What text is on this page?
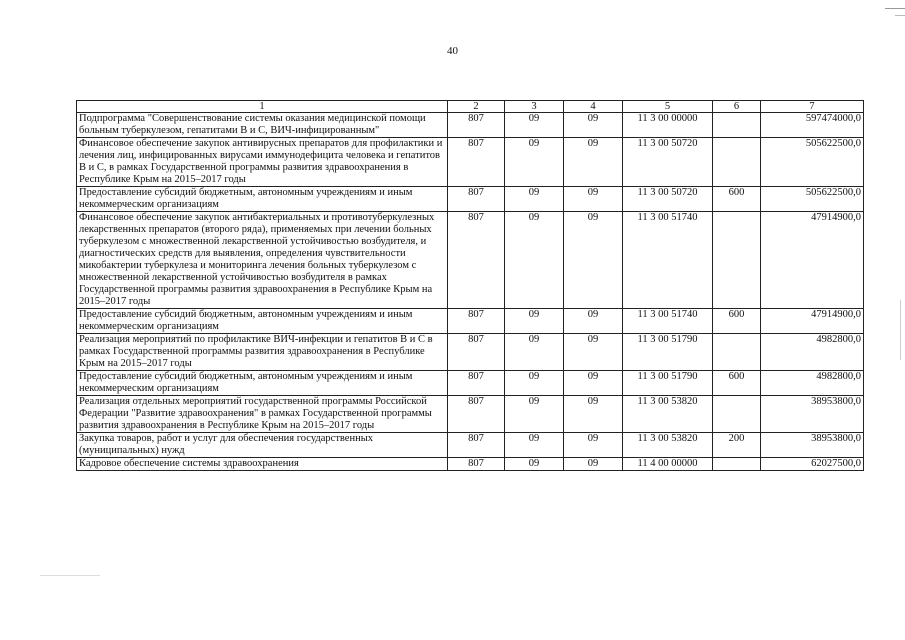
40
1	2	3	4	5	6	7
Подпрограмма "Совершенствование системы оказания медицинской помощи больным туберкулезом, гепатитами В и С, ВИЧ-инфицированным"	807	09	09	11 3 00 00000		597474000,0
Финансовое обеспечение закупок антивирусных препаратов для профилактики и лечения лиц, инфицированных вирусами иммунодефицита человека и гепатитов В и С, в рамках Государственной программы развития здравоохранения в Республике Крым на 2015–2017 годы	807	09	09	11 3 00 50720		505622500,0
Предоставление субсидий бюджетным, автономным учреждениям и иным некоммерческим организациям	807	09	09	11 3 00 50720	600	505622500,0
Финансовое обеспечение закупок антибактериальных и противотуберкулезных лекарственных препаратов (второго ряда), применяемых при лечении больных туберкулезом с множественной лекарственной устойчивостью возбудителя, и диагностических средств для выявления, определения чувствительности микобактерии туберкулеза и мониторинга лечения больных туберкулезом с множественной лекарственной устойчивостью возбудителя в рамках Государственной программы развития здравоохранения в Республике Крым на 2015–2017 годы	807	09	09	11 3 00 51740		47914900,0
Предоставление субсидий бюджетным, автономным учреждениям и иным некоммерческим организациям	807	09	09	11 3 00 51740	600	47914900,0
Реализация мероприятий по профилактике ВИЧ-инфекции и гепатитов В и С в рамках Государственной программы развития здравоохранения в Республике Крым на 2015–2017 годы	807	09	09	11 3 00 51790		4982800,0
Предоставление субсидий бюджетным, автономным учреждениям и иным некоммерческим организациям	807	09	09	11 3 00 51790	600	4982800,0
Реализация отдельных мероприятий государственной программы Российской Федерации "Развитие здравоохранения" в рамках Государственной программы развития здравоохранения в Республике Крым на 2015–2017 годы	807	09	09	11 3 00 53820		38953800,0
Закупка товаров, работ и услуг для обеспечения государственных (муниципальных) нужд	807	09	09	11 3 00 53820	200	38953800,0
Кадровое обеспечение системы здравоохранения	807	09	09	11 4 00 00000		62027500,0
